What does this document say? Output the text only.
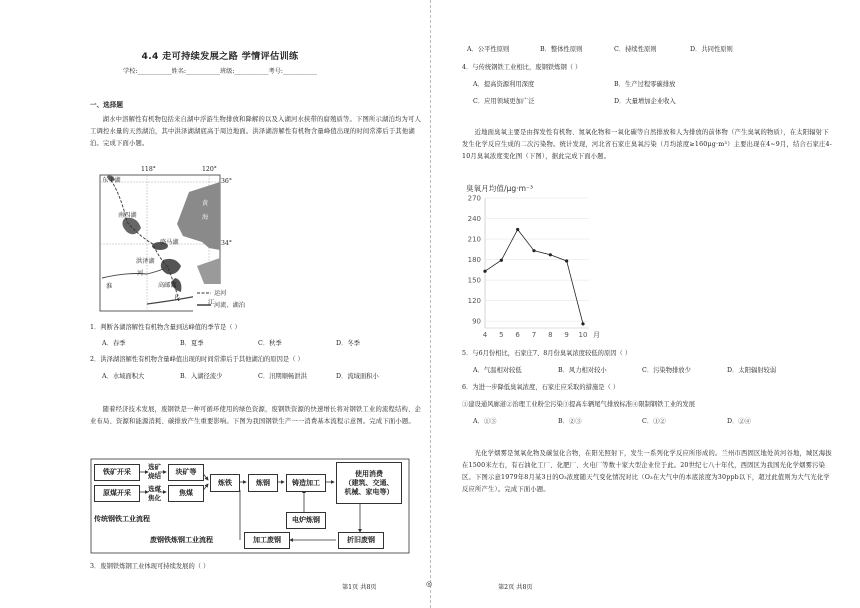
4.4 走可持续发展之路 学情评估训练
学校:___________姓名:___________班级:___________考号:___________
一、选择题
湖水中溶解性有机物包括来自湖中浮游生物排放和降解的以及入湖河水挟带的腐殖质等。下图所示湖泊均为可人工调控水量的天然湖泊，其中洪泽湖湖底高于周边地面。洪泽湖溶解性有机物含量峰值出现的时间常滞后于其他湖泊。完成下面小题。
118°	120°
36°
34°
东平湖
南四湖
骆马湖
洪泽湖
高邮湖
淮
河
长
江
黄
海
运河
河流、湖泊
1．判断各湖溶解性有机物含量到达峰值的季节是（ ）
A．春季	B．夏季	C．秋季	D．冬季
2．洪泽湖溶解性有机物含量峰值出现的时间常滞后于其他湖泊的原因是（ ）
A．水域面积大	B．入湖径流少	C．汛期顺畅泄洪	D．流域面积小
随着经济技术发展，废钢铁是一种可循环使用的绿色资源，废钢铁资源的快速增长将对钢铁工业的流程结构、企业布局、资源和能源消耗、碳排放产生重要影响。下图为我国钢铁生产一一消费基本流程示意图。完成下面小题。
铁矿开采
原煤开采
选矿
烧结
选煤
焦化
块矿等
焦煤
炼铁	炼钢	铸造加工
使用消费
（建筑、交通、
机械、家电等）
电炉炼钢
加工废钢	折旧废钢
传统钢铁工业流程
废钢铁炼钢工业流程
3．废钢铁炼钢工业体现可持续发展的（ ）
第1页 共8页	◎
A．公平性原则	B．整体性原则	C．持续性原则	D．共同性原则
4．与传统钢铁工业相比，废钢铁炼钢（ ）
A．提高资源利用深度	B．生产过程零碳排放
C．应用领域更加广泛	D．大量增加企业收入
近地面臭氧主要是由挥发性有机物、氮氧化物和一氧化碳等自然排放和人为排放的前体物（产生臭氧的物质），在太阳辐射下发生化学反应生成的二次污染物。统计发现，河北省石家庄臭氧污染（月均浓度≥160μg·m³）主要出现在4~9月，结合石家庄4-10月臭氧浓度变化图（下图），据此完成下面小题。
臭氧月均值/μg·m⁻³
90
120
150
180
210
240
270
4 5 6 7 8 9 10 月
5．与6月份相比，石家庄7、8月份臭氧浓度较低的原因（ ）
A．气温相对较低	B．风力相对较小	C．污染物排放少	D．太阳辐射较弱
6．为进一步降低臭氧浓度，石家庄应采取的措施是（ ）
①建设通风廊道②治理工业粉尘污染③提高车辆尾气排放标准④限制钢铁工业的发展
A．①③	B．②③	C．①②	D．②④
光化学烟雾是氮氧化物及碳氢化合物，在阳光照射下，发生一系列化学反应所形成的。兰州市西固区地处黄河谷地，城区海拔在1500米左右，有石油化工厂、化肥厂、火电厂等数十家大型企业位于此。20世纪七八十年代，西固区为我国光化学烟雾污染区。下图示意1979年8月某3日的O₃浓度随天气变化情况对比（O₃在大气中的本底浓度为30ppb以下，超过此值则为大气光化学反应所产生）。完成下面小题。
第2页 共8页
